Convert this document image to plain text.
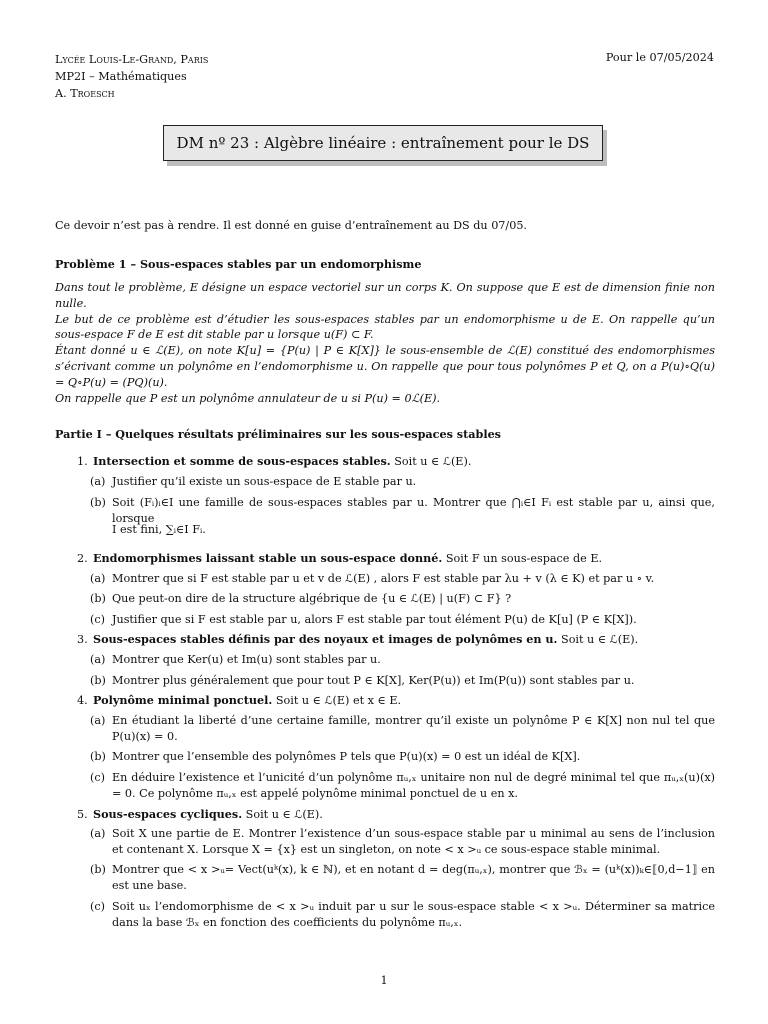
Lycée Louis-Le-Grand, Paris
MP2I – Mathématiques
A. Troesch
Pour le 07/05/2024
DM nº 23 : Algèbre linéaire : entraînement pour le DS
Ce devoir n’est pas à rendre. Il est donné en guise d’entraînement au DS du 07/05.
Problème 1 – Sous-espaces stables par un endomorphisme

Dans tout le problème, E désigne un espace vectoriel sur un corps K. On suppose que E est de dimension finie non nulle.

Le but de ce problème est d’étudier les sous-espaces stables par un endomorphisme u de E. On rappelle qu’un sous-espace F de E est dit stable par u lorsque u(F) ⊂ F.

Étant donné u ∈ ℒ(E), on note K[u] = {P(u) | P ∈ K[X]} le sous-ensemble de ℒ(E) constitué des endomorphismes s’écrivant comme un polynôme en l’endomorphisme u. On rappelle que pour tous polynômes P et Q, on a P(u)∘Q(u) = Q∘P(u) = (PQ)(u).

On rappelle que P est un polynôme annulateur de u si P(u) = 0ℒ(E).

Partie I – Quelques résultats préliminaires sur les sous-espaces stables
1. Intersection et somme de sous-espaces stables. Soit u ∈ ℒ(E).
(a) Justifier qu’il existe un sous-espace de E stable par u.
(b) Soit (Fᵢ)ᵢ∈I une famille de sous-espaces stables par u. Montrer que ⋂ᵢ∈I Fᵢ est stable par u, ainsi que, lorsque
I est fini, ∑ᵢ∈I Fᵢ.
2. Endomorphismes laissant stable un sous-espace donné. Soit F un sous-espace de E.
(a) Montrer que si F est stable par u et v de ℒ(E) , alors F est stable par λu + v (λ ∈ K) et par u ∘ v.
(b) Que peut-on dire de la structure algébrique de {u ∈ ℒ(E) | u(F) ⊂ F} ?
(c) Justifier que si F est stable par u, alors F est stable par tout élément P(u) de K[u] (P ∈ K[X]).
3. Sous-espaces stables définis par des noyaux et images de polynômes en u. Soit u ∈ ℒ(E).
(a) Montrer que Ker(u) et Im(u) sont stables par u.
(b) Montrer plus généralement que pour tout P ∈ K[X], Ker(P(u)) et Im(P(u)) sont stables par u.
4. Polynôme minimal ponctuel. Soit u ∈ ℒ(E) et x ∈ E.
(a) En étudiant la liberté d’une certaine famille, montrer qu’il existe un polynôme P ∈ K[X] non nul tel que P(u)(x) = 0.
(b) Montrer que l’ensemble des polynômes P tels que P(u)(x) = 0 est un idéal de K[X].
(c) En déduire l’existence et l’unicité d’un polynôme πᵤ,ₓ unitaire non nul de degré minimal tel que πᵤ,ₓ(u)(x) = 0. Ce polynôme πᵤ,ₓ est appelé polynôme minimal ponctuel de u en x.
5. Sous-espaces cycliques. Soit u ∈ ℒ(E).
(a) Soit X une partie de E. Montrer l’existence d’un sous-espace stable par u minimal au sens de l’inclusion et contenant X. Lorsque X = {x} est un singleton, on note < x >ᵤ ce sous-espace stable minimal.
(b) Montrer que < x >ᵤ= Vect(uᵏ(x), k ∈ ℕ), et en notant d = deg(πᵤ,ₓ), montrer que ℬₓ = (uᵏ(x))ₖ∈⟦0,d−1⟧ en est une base.
(c) Soit uₓ l’endomorphisme de < x >ᵤ induit par u sur le sous-espace stable < x >ᵤ. Déterminer sa matrice dans la base ℬₓ en fonction des coefficients du polynôme πᵤ,ₓ.
1
